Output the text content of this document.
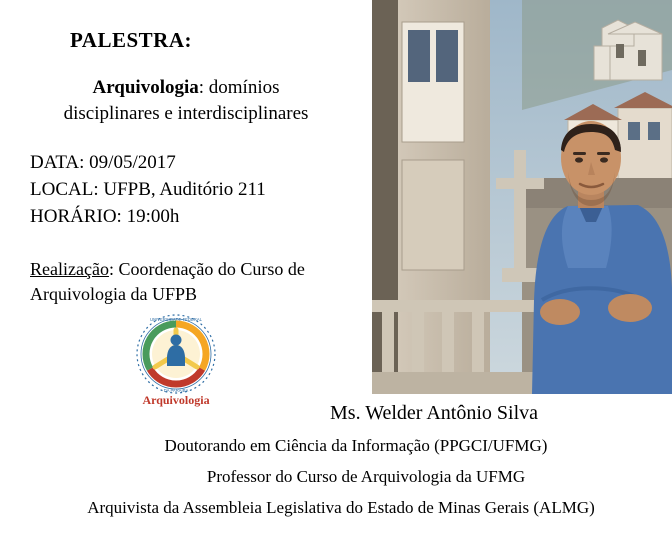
PALESTRA:
Arquivologia: domínios
disciplinares e interdisciplinares
DATA: 09/05/2017
LOCAL: UFPB, Auditório 211
HORÁRIO: 19:00h
Realização: Coordenação do Curso de
Arquivologia da UFPB
UNIVERSIDADE FEDERAL
DA PARAÍBA
Arquivologia
Ms. Welder Antônio Silva
Doutorando em Ciência da Informação (PPGCI/UFMG)
Professor do Curso de Arquivologia da UFMG
Arquivista da Assembleia Legislativa do Estado de Minas Gerais (ALMG)
